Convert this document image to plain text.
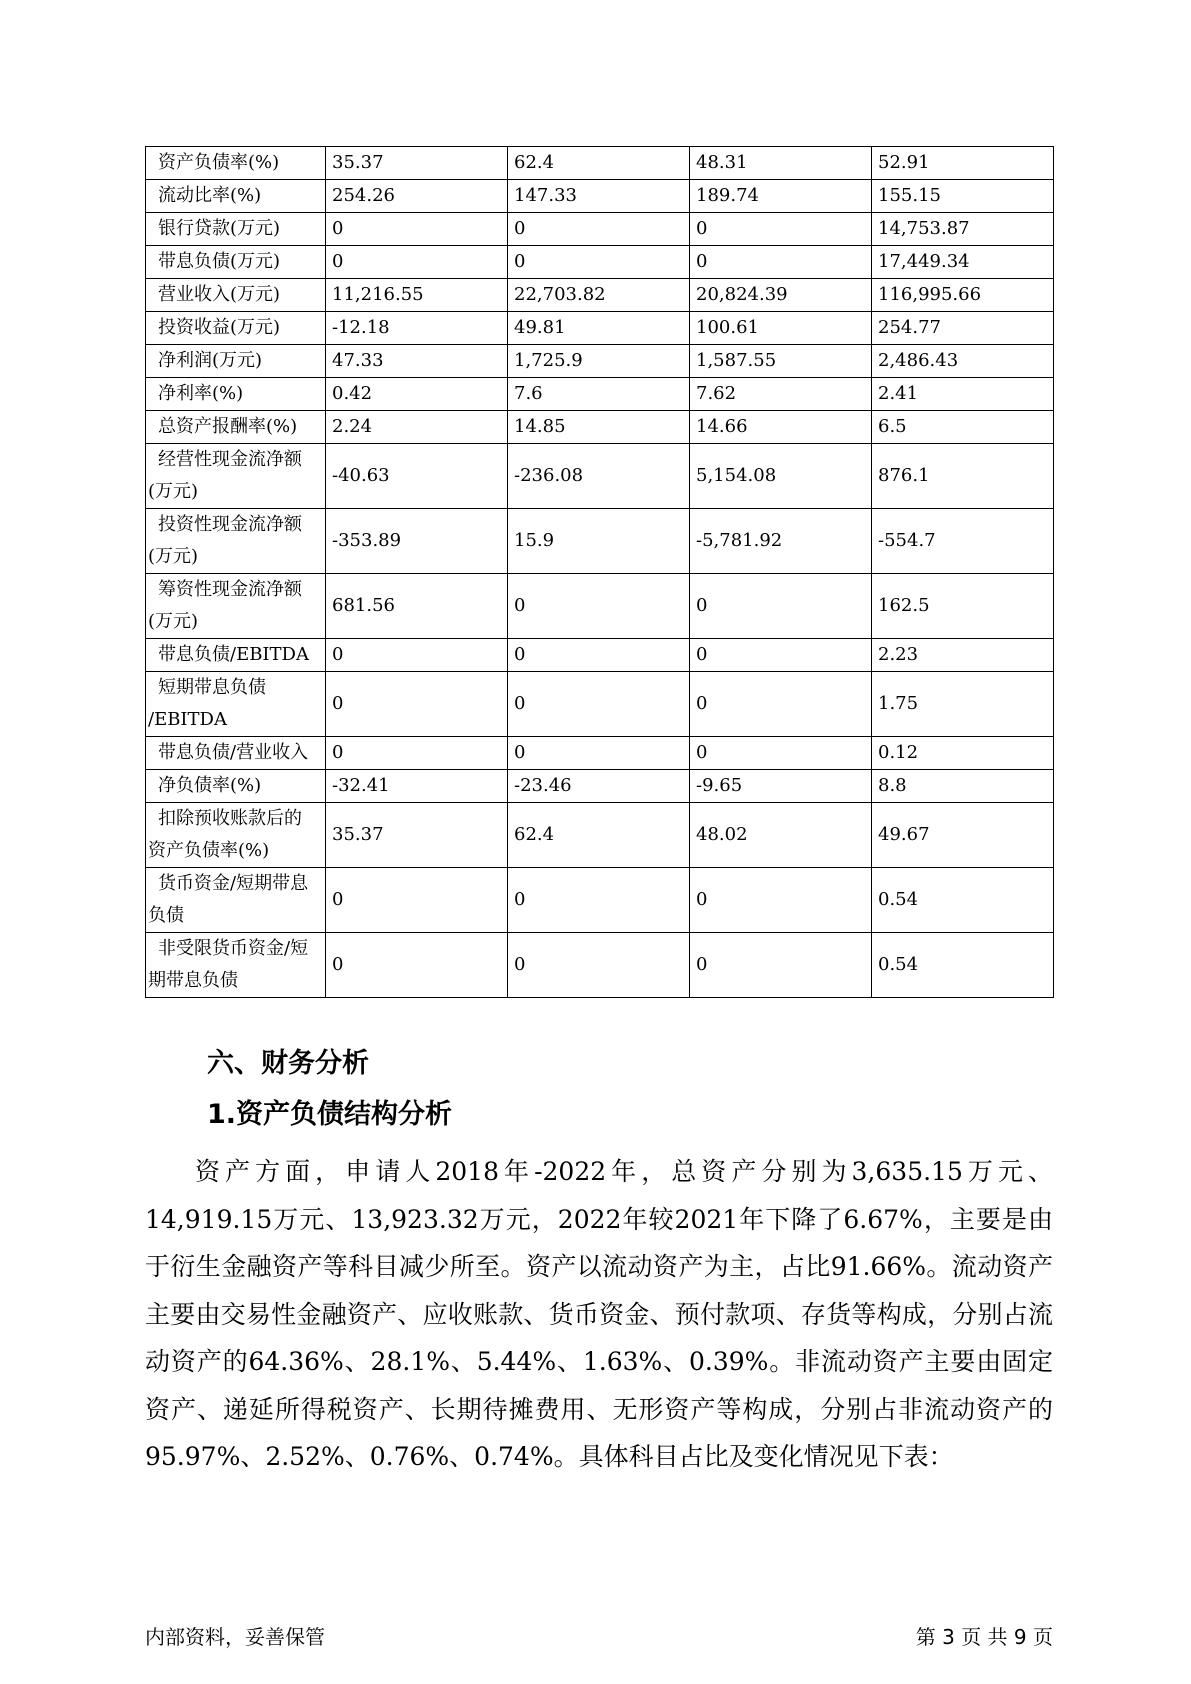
资产负债率(%)	35.37	62.4	48.31	52.91

流动比率(%)	254.26	147.33	189.74	155.15

银行贷款(万元)	0	0	0	14,753.87

带息负债(万元)	0	0	0	17,449.34

营业收入(万元)	11,216.55	22,703.82	20,824.39	116,995.66

投资收益(万元)	-12.18	49.81	100.61	254.77

净利润(万元)	47.33	1,725.9	1,587.55	2,486.43

净利率(%)	0.42	7.6	7.62	2.41

总资产报酬率(%)	2.24	14.85	14.66	6.5

经营性现金流净额
(万元)	-40.63	-236.08	5,154.08	876.1

投资性现金流净额
(万元)	-353.89	15.9	-5,781.92	-554.7

筹资性现金流净额
(万元)	681.56	0	0	162.5

带息负债/EBITDA	0	0	0	2.23

短期带息负债
/EBITDA	0	0	0	1.75

带息负债/营业收入	0	0	0	0.12

净负债率(%)	-32.41	-23.46	-9.65	8.8

扣除预收账款后的
资产负债率(%)	35.37	62.4	48.02	49.67

货币资金/短期带息
负债	0	0	0	0.54

非受限货币资金/短
期带息负债	0	0	0	0.54
六、财务分析
1.资产负债结构分析

资产方面，申请人2018年-2022年，总资产分别为3,635.15万元、14,919.15万元、13,923.32万元，2022年较2021年下降了6.67%，主要是由于衍生金融资产等科目减少所至。资产以流动资产为主，占比91.66%。流动资产主要由交易性金融资产、应收账款、货币资金、预付款项、存货等构成，分别占流动资产的64.36%、28.1%、5.44%、1.63%、0.39%。非流动资产主要由固定资产、递延所得税资产、长期待摊费用、无形资产等构成，分别占非流动资产的95.97%、2.52%、0.76%、0.74%。具体科目占比及变化情况见下表：

内部资料，妥善保管	第 3 页 共 9 页
